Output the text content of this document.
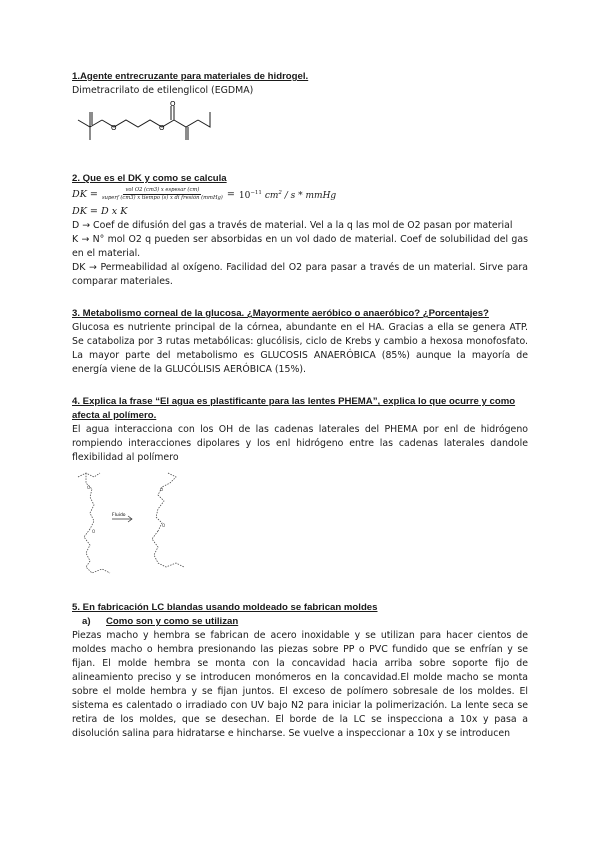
1.Agente entrecruzante para materiales de hidrogel.

Dimetracrilato de etilenglicol (EGDMA)

O	O
O
2. Que es el DK y como se calcula
DK = $\frac{\text{vol O2 (cm3) x espesar (cm)}}{\text{superf (cm3) x tiempo (s) x di fresión (mmHg)}} = 10^{-11}$ $cm^2$ / s * mmHg
DK = D x K

D → Coef de difusión del gas a través de material. Vel a la q las mol de O2 pasan por material

K → N° mol O2 q pueden ser absorbidas en un vol dado de material. Coef de solubilidad del gas en el material.

DK → Permeabilidad al oxígeno. Facilidad del O2 para pasar a través de un material. Sirve para comparar materiales.

3. Metabolismo corneal de la glucosa. ¿Mayormente aeróbico o anaeróbico? ¿Porcentajes?

Glucosa es nutriente principal de la córnea, abundante en el HA. Gracias a ella se genera ATP. Se cataboliza por 3 rutas metabólicas: glucólisis, ciclo de Krebs y cambio a hexosa monofosfato. La mayor parte del metabolismo es GLUCOSIS ANAERÓBICA (85%) aunque la mayoría de energía viene de la GLUCÓLISIS AERÓBICA (15%).

4. Explica la frase “El agua es plastificante para las lentes PHEMA”, explica lo que ocurre y como afecta al polímero.

El agua interacciona con los OH de las cadenas laterales del PHEMA por enl de hidrógeno rompiendo interacciones dipolares y los enl hidrógeno entre las cadenas laterales dandole flexibilidad al polímero

Fluido
O
O
O
O
5. En fabricación LC blandas usando moldeado se fabrican moldes
a) Como son y como se utilizan

Piezas macho y hembra se fabrican de acero inoxidable y se utilizan para hacer cientos de moldes macho o hembra presionando las piezas sobre PP o PVC fundido que se enfrían y se fijan. El molde hembra se monta con la concavidad hacia arriba sobre soporte fijo de alineamiento preciso y se introducen monómeros en la concavidad.El molde macho se monta sobre el molde hembra y se fijan juntos. El exceso de polímero sobresale de los moldes. El sistema es calentado o irradiado con UV bajo N2 para iniciar la polimerización. La lente seca se retira de los moldes, que se desechan. El borde de la LC se inspecciona a 10x y pasa a disolución salina para hidratarse e hincharse. Se vuelve a inspeccionar a 10x y se introducen
